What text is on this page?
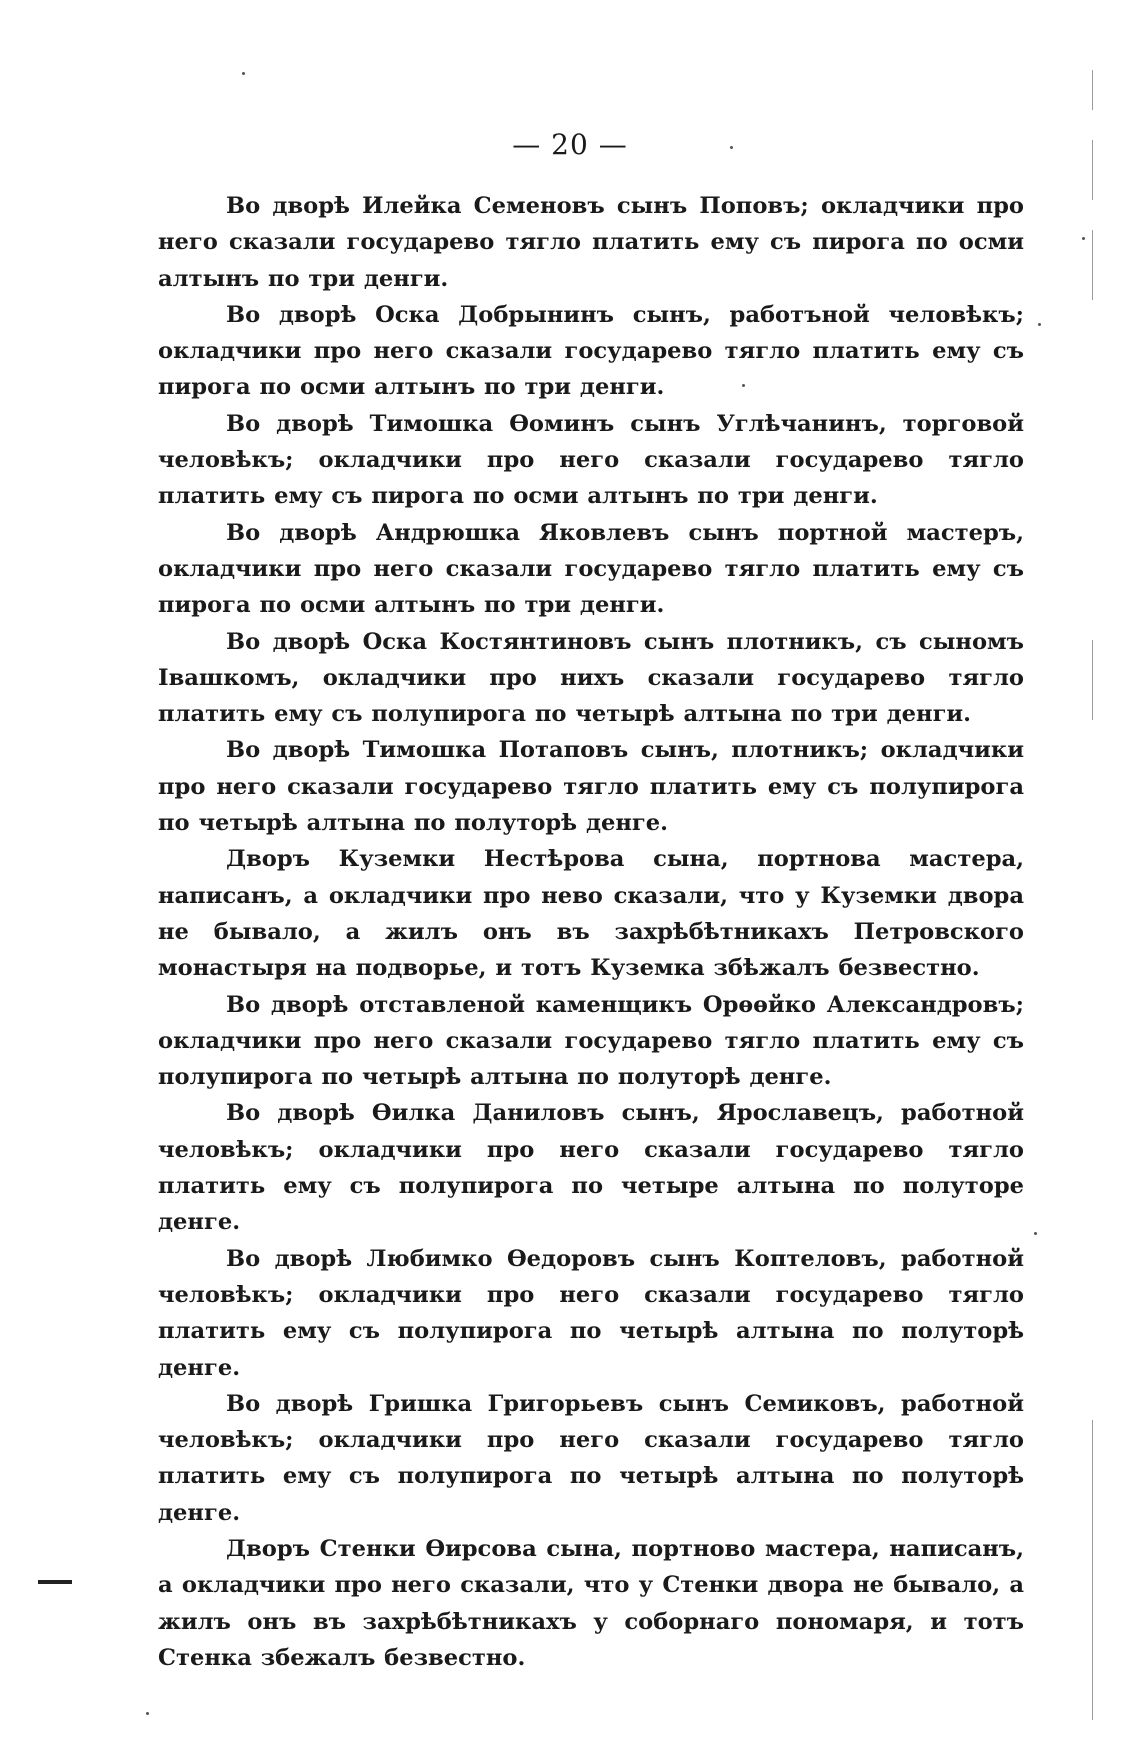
— 20 —

Во дворѣ Илейка Семеновъ сынъ Поповъ; окладчики про него сказали государево тягло платить ему съ пирога по осми алтынъ по три денги.

Во дворѣ Оска Добрынинъ сынъ, работъной человѣкъ; окладчики про него сказали государево тягло платить ему съ пирога по осми алтынъ по три денги.

Во дворѣ Тимошка Ѳоминъ сынъ Углѣчанинъ, торговой человѣкъ; окладчики про него сказали государево тягло платить ему съ пирога по осми алтынъ по три денги.

Во дворѣ Андрюшка Яковлевъ сынъ портной мастеръ, окладчики про него сказали государево тягло платить ему съ пирога по осми алтынъ по три денги.

Во дворѣ Оска Костянтиновъ сынъ плотникъ, съ сыномъ Івашкомъ, окладчики про нихъ сказали государево тягло платить ему съ полупирога по четырѣ алтына по три денги.

Во дворѣ Тимошка Потаповъ сынъ, плотникъ; окладчики про него сказали государево тягло платить ему съ полупирога по четырѣ алтына по полуторѣ денге.

Дворъ Куземки Нестѣрова сына, портнова мастера, написанъ, а окладчики про нево сказали, что у Куземки двора не бывало, а жилъ онъ въ захрѣбѣтникахъ Петровского монастыря на подворье, и тотъ Куземка збѣжалъ безвестно.

Во дворѣ отставленой каменщикъ Орѳѳйко Александровъ; окладчики про него сказали государево тягло платить ему съ полупирога по четырѣ алтына по полуторѣ денге.

Во дворѣ Ѳилка Даниловъ сынъ, Ярославецъ, работной человѣкъ; окладчики про него сказали государево тягло платить ему съ полупирога по четыре алтына по полуторе денге.

Во дворѣ Любимко Ѳедоровъ сынъ Коптеловъ, работной человѣкъ; окладчики про него сказали государево тягло платить ему съ полупирога по четырѣ алтына по полуторѣ денге.

Во дворѣ Гришка Григорьевъ сынъ Семиковъ, работной человѣкъ; окладчики про него сказали государево тягло платить ему съ полупирога по четырѣ алтына по полуторѣ денге.

Дворъ Стенки Ѳирсова сына, портново мастера, написанъ, а окладчики про него сказали, что у Стенки двора не бывало, а жилъ онъ въ захрѣбѣтникахъ у соборнаго пономаря, и тотъ Стенка збежалъ безвестно.
